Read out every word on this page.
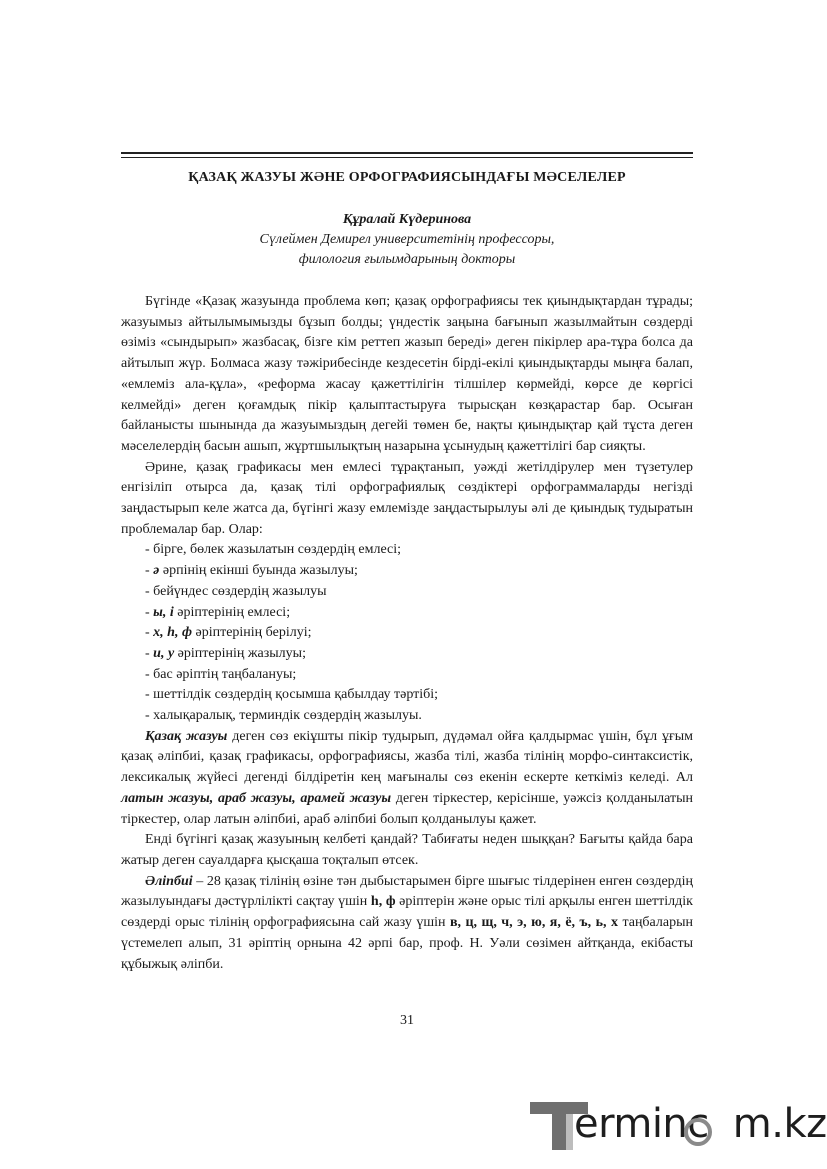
ҚАЗАҚ ЖАЗУЫ ЖӘНЕ ОРФОГРАФИЯСЫНДАҒЫ МӘСЕЛЕЛЕР
Құралай Күдеринова
Сүлеймен Демирел университетінің профессоры,
филология ғылымдарының докторы

Бүгінде «Қазақ жазуында проблема көп; қазақ орфографиясы тек қиындықтардан тұрады; жазуымыз айтылымымызды бұзып болды; үндестік заңына бағынып жазылмайтын сөздерді өзіміз «сындырып» жазбасақ, бізге кім реттеп жазып береді» деген пікірлер ара-тұра болса да айтылып жүр. Болмаса жазу тәжірибесінде кездесетін бірді-екілі қиындықтарды мыңға балап, «емлеміз ала-құла», «реформа жасау қажеттілігін тілшілер көрмейді, көрсе де көргісі келмейді» деген қоғамдық пікір қалыптастыруға тырысқан көзқарастар бар. Осыған байланысты шынында да жазуымыздың дегейі төмен бе, нақты қиындықтар қай тұста деген мәселелердің басын ашып, жұртшылықтың назарына ұсынудың қажеттілігі бар сияқты.

Әрине, қазақ графикасы мен емлесі тұрақтанып, уәжді жетілдірулер мен түзетулер енгізіліп отырса да, қазақ тілі орфографиялық сөздіктері орфограммаларды негізді заңдастырып келе жатса да, бүгінгі жазу емлемізде заңдастырылуы әлі де қиындық тудыратын проблемалар бар. Олар:

- бірге, бөлек жазылатын сөздердің емлесі;
- ə әрпінің екінші буында жазылуы;
- бейүндес сөздердің жазылуы
- ы, і әріптерінің емлесі;
- х, һ, ф әріптерінің берілуі;
- и, у әріптерінің жазылуы;
- бас әріптің таңбалануы;
- шеттілдік сөздердің қосымша қабылдау тәртібі;
- халықаралық, терминдік сөздердің жазылуы.

Қазақ жазуы деген сөз екіұшты пікір тудырып, дүдəмал ойға қалдырмас үшін, бұл ұғым қазақ əліпбиі, қазақ графикасы, орфографиясы, жазба тілі, жазба тілінің морфо-синтаксистік, лексикалық жүйесі дегенді білдіретін кең мағыналы сөз екенін ескерте кеткіміз келеді. Ал латын жазуы, араб жазуы, арамей жазуы деген тіркестер, керісінше, уәжсіз қолданылатын тіркестер, олар латын əліпбиі, араб əліпбиі болып қолданылуы қажет.

Енді бүгінгі қазақ жазуының келбеті қандай? Табиғаты неден шыққан? Бағыты қайда бара жатыр деген сауалдарға қысқаша тоқталып өтсек.

Əліпбиі – 28 қазақ тілінің өзіне тән дыбыстарымен бірге шығыс тілдерінен енген сөздердің жазылуындағы дәстүрлілікті сақтау үшін һ, ф əріптерін және орыс тілі арқылы енген шеттілдік сөздерді орыс тілінің орфографиясына сай жазу үшін в, ц, щ, ч, э, ю, я, ё, ъ, ь, х таңбаларын үстемелеп алып, 31 əріптің орнына 42 əрпі бар, проф. Н. Уəли сөзімен айтқанда, екібасты құбыжық əліпби.

31
erminc m.kz
